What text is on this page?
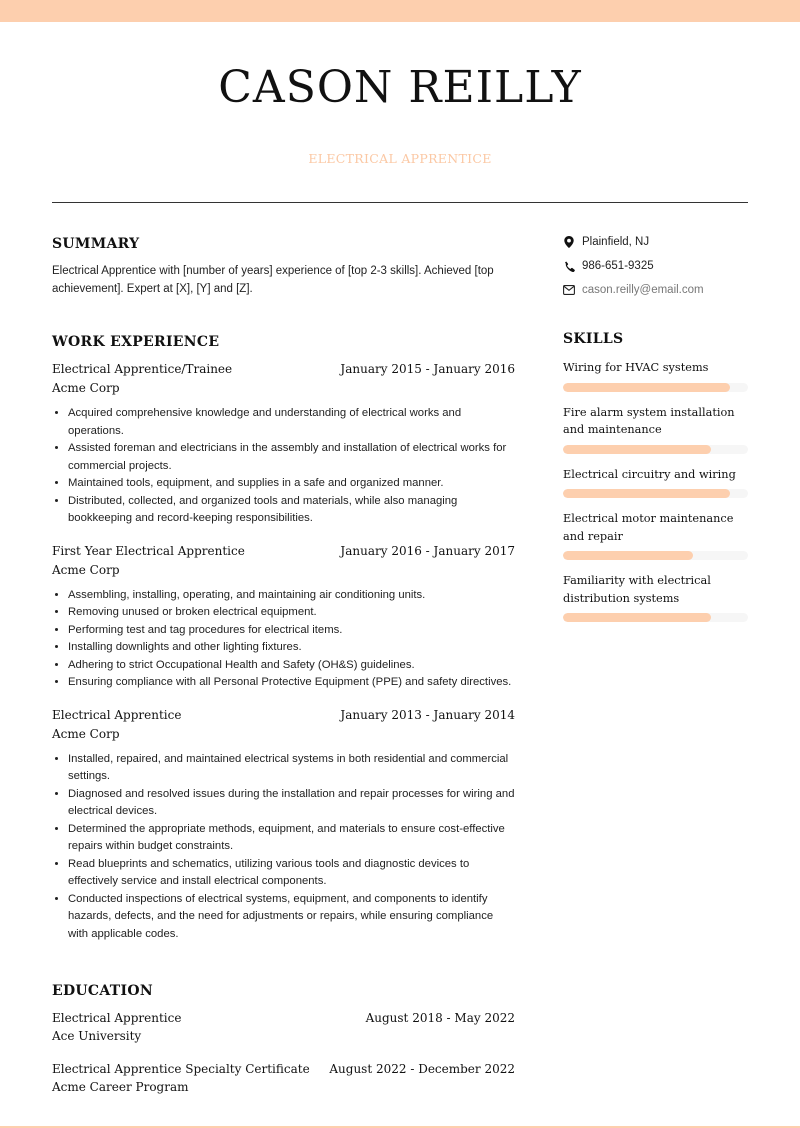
CASON REILLY
ELECTRICAL APPRENTICE
SUMMARY

Electrical Apprentice with [number of years] experience of [top 2-3 skills]. Achieved [top achievement]. Expert at [X], [Y] and [Z].

WORK EXPERIENCE
Electrical Apprentice/Trainee	January 2015 - January 2016
Acme Corp
• Acquired comprehensive knowledge and understanding of electrical works and operations.
• Assisted foreman and electricians in the assembly and installation of electrical works for commercial projects.
• Maintained tools, equipment, and supplies in a safe and organized manner.
• Distributed, collected, and organized tools and materials, while also managing bookkeeping and record-keeping responsibilities.
First Year Electrical Apprentice	January 2016 - January 2017
Acme Corp
• Assembling, installing, operating, and maintaining air conditioning units.
• Removing unused or broken electrical equipment.
• Performing test and tag procedures for electrical items.
• Installing downlights and other lighting fixtures.
• Adhering to strict Occupational Health and Safety (OH&S) guidelines.
• Ensuring compliance with all Personal Protective Equipment (PPE) and safety directives.
Electrical Apprentice	January 2013 - January 2014
Acme Corp
• Installed, repaired, and maintained electrical systems in both residential and commercial settings.
• Diagnosed and resolved issues during the installation and repair processes for wiring and electrical devices.
• Determined the appropriate methods, equipment, and materials to ensure cost-effective repairs within budget constraints.
• Read blueprints and schematics, utilizing various tools and diagnostic devices to effectively service and install electrical components.
• Conducted inspections of electrical systems, equipment, and components to identify hazards, defects, and the need for adjustments or repairs, while ensuring compliance with applicable codes.
EDUCATION
Electrical Apprentice	August 2018 - May 2022
Ace University
Electrical Apprentice Specialty Certificate August 2022 - December 2022
Acme Career Program
Plainfield, NJ
986-651-9325
cason.reilly@email.com
SKILLS
Wiring for HVAC systems
Fire alarm system installation and maintenance
Electrical circuitry and wiring
Electrical motor maintenance and repair
Familiarity with electrical distribution systems
